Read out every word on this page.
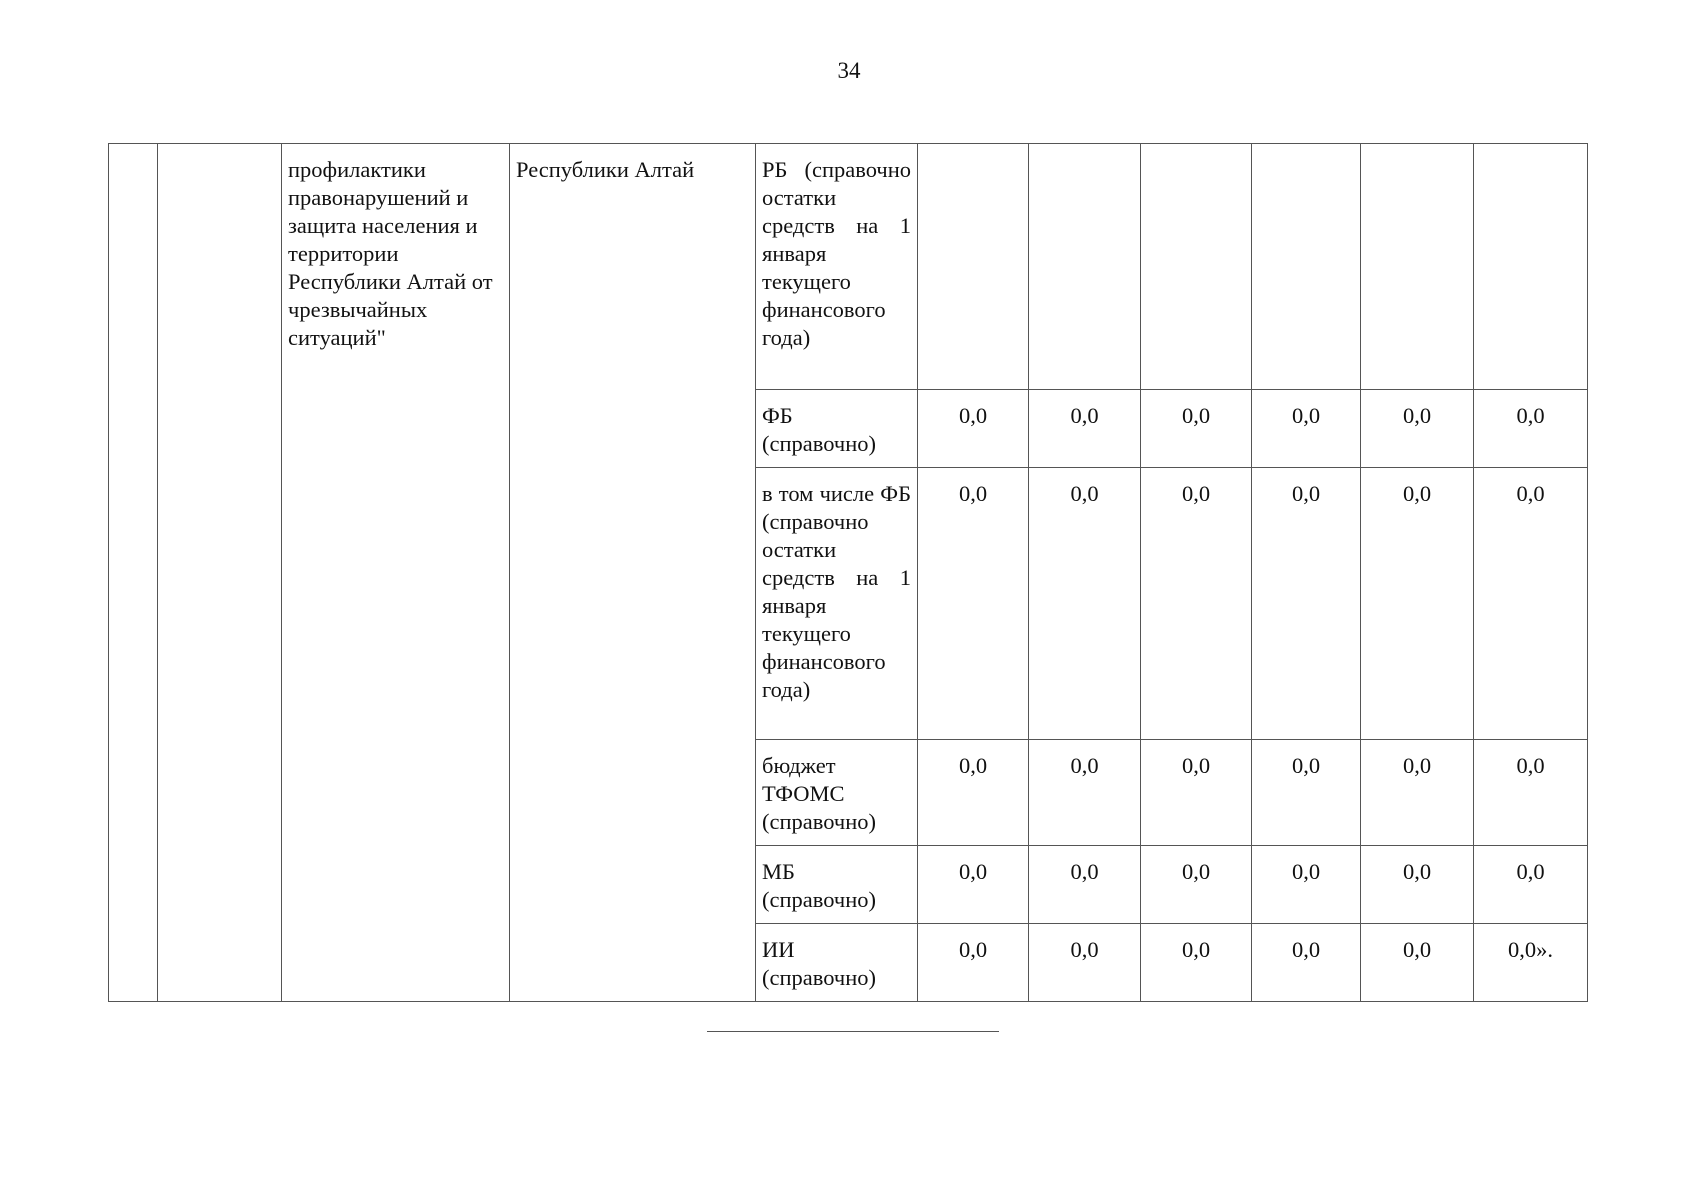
34
		профилактики правонарушений и защита населения и территории Республики Алтай от чрезвычайных ситуаций"	Республики Алтай	РБ (справочно остатки средств на 1 января текущего финансового года)						
				ФБ (справочно)	0,0	0,0	0,0	0,0	0,0	0,0
				в том числе ФБ (справочно остатки средств на 1 января текущего финансового года)	0,0	0,0	0,0	0,0	0,0	0,0
				бюджет ТФОМС (справочно)	0,0	0,0	0,0	0,0	0,0	0,0
				МБ (справочно)	0,0	0,0	0,0	0,0	0,0	0,0
				ИИ (справочно)	0,0	0,0	0,0	0,0	0,0	0,0».
